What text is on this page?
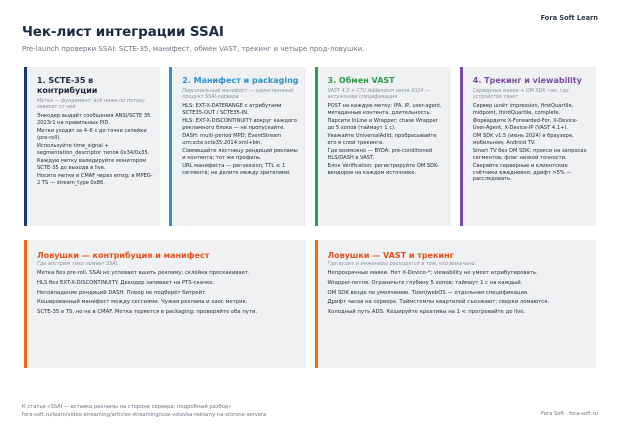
Fora Soft Learn
Чек-лист интеграции SSAI
Pre-launch проверки SSAI: SCTE-35, манифест, обмен VAST, трекинг и четыре прод-ловушки.
1. SCTE-35 в контрибуции
Метка — фундамент; всё ниже по потоку зависит от неё
Энкодер выдаёт сообщения ANSI/SCTE 35 2023r1 на правильных PID.
Метки уходят за 4–6 с до точки склейки (pre-roll).
Используйте time_signal + segmentation_descriptor типов 0x34/0x35.
Каждую метку валидируйте монитором SCTE-35 до выхода в live.
Носите метки в CMAF через emsg; в MPEG-2 TS — stream_type 0x86.
2. Манифест и packaging
Персональный манифест — единственный продукт SSAI-сервера
HLS: EXT-X-DATERANGE с атрибутами SCTE35-OUT / SCTE35-IN.
HLS: EXT-X-DISCONTINUITY вокруг каждого рекламного блока — не пропускайте.
DASH: multi-period MPD; EventStream urn:scte:scte35:2014:xml+bin.
Совмещайте лестницу рендиций рекламы и контента; тот же профиль.
URL манифеста — per-session; TTL ≤ 1 сегмента; не делите между зрителями.
3. Обмен VAST
VAST 4.3 + CTV Addendum июля 2024 — актуальная спецификация
POST на каждую метку: IFA, IP, user-agent, метаданные контента, длительность.
Парсите InLine и Wrapper; chase Wrapper до 5 хопов (таймаут 1 с).
Уважайте UniversalAdId; пробрасывайте его в слой трекинга.
Где возможно — BYDA; pre-conditioned HLS/DASH в VAST.
Блок Verification: регистрируйте OM SDK-вендоров на каждом источнике.
4. Трекинг и viewability
Серверные маяки + OM SDK там, где устройство тянет
Сервер шлёт impression, firstQuartile, midpoint, thirdQuartile, complete.
Форвардите X-Forwarded-For, X-Device-User-Agent, X-Device-IP (VAST 4.1+).
OM SDK v1.5 (июнь 2024) в браузере, мобильном, Android TV.
Smart TV без OM SDK: прокси на запросах сегментов, флаг низкой точности.
Сверяйте серверные и клиентские счётчики ежедневно; дрифт >5% — расследовать.
Ловушки — контрибуция и манифест
Где апстрим тихо ломает SSAI.
Метка без pre-roll. SSAI не успевает вшить рекламу; склейка проскакивает.
HLS без EXT-X-DISCONTINUITY. Декодер запивает на PTS-скачке.
Несовпадение рендиций DASH. Плеер не подберёт битрейт.
Кешированный манифест между сессиями. Чужая реклама и хаос метрик.
SCTE-35 в TS, но не в CMAF. Метка теряется в packaging; проверяйте оба пути.
Ловушки — VAST и трекинг
Где аудит и инженеры расходятся в том, что выкачано.
Непрозрачные маяки. Нет X-Device-*; viewability не умеет атрибутировать.
Wrapper-петля. Ограничьте глубину 5 хопов; таймаут 1 с на каждый.
OM SDK везде по умолчанию. Tizen/webOS — отдельная спецификация.
Дрифт часов на сервере. Таймстемпы квартилей съезжают; сверки ломаются.
Холодный путь ADS. Кешируйте креативы на 1 ч; прогревайте до live.
К статье «SSAI — вставка рекламы на стороне сервера: подробный разбор»
fora-soft.ru/learn/video-streaming/articles-streaming/ssai-vstavka-reklamy-na-storone-servera	Fora Soft · fora-soft.ru
